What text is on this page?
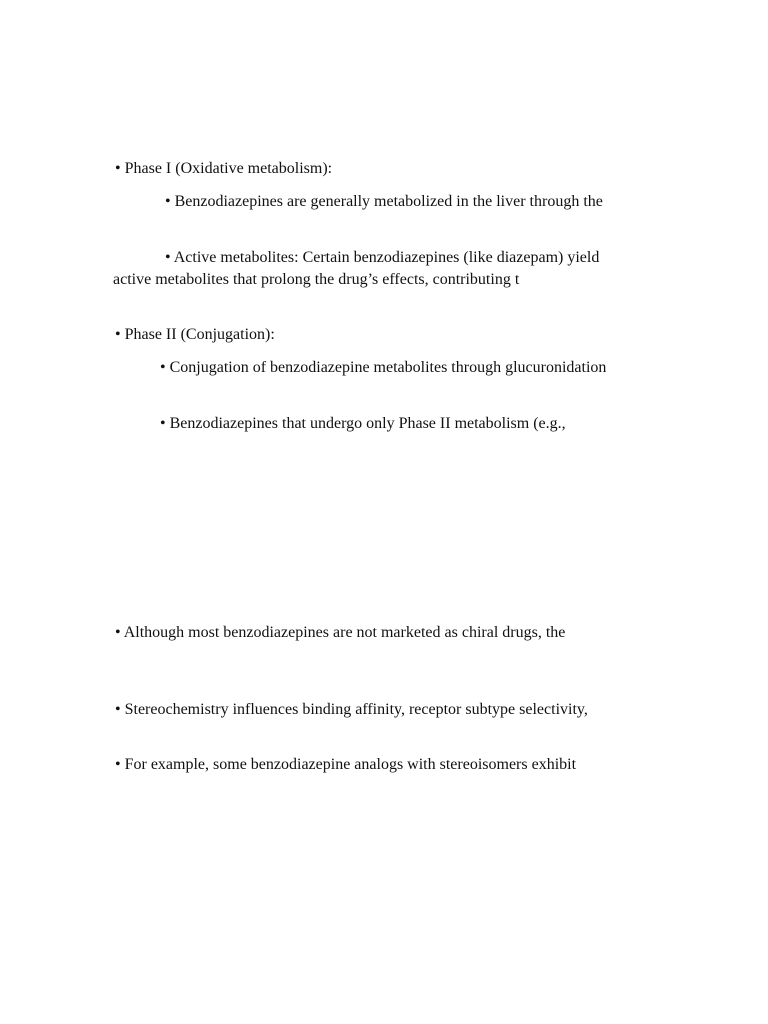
• Phase I (Oxidative metabolism):
• Benzodiazepines are generally metabolized in the liver through the
• Active metabolites: Certain benzodiazepines (like diazepam) yield
active metabolites that prolong the drug’s effects, contributing t
• Phase II (Conjugation):
• Conjugation of benzodiazepine metabolites through glucuronidation
• Benzodiazepines that undergo only Phase II metabolism (e.g.,
• Although most benzodiazepines are not marketed as chiral drugs, the
• Stereochemistry influences binding affinity, receptor subtype selectivity,
• For example, some benzodiazepine analogs with stereoisomers exhibit
